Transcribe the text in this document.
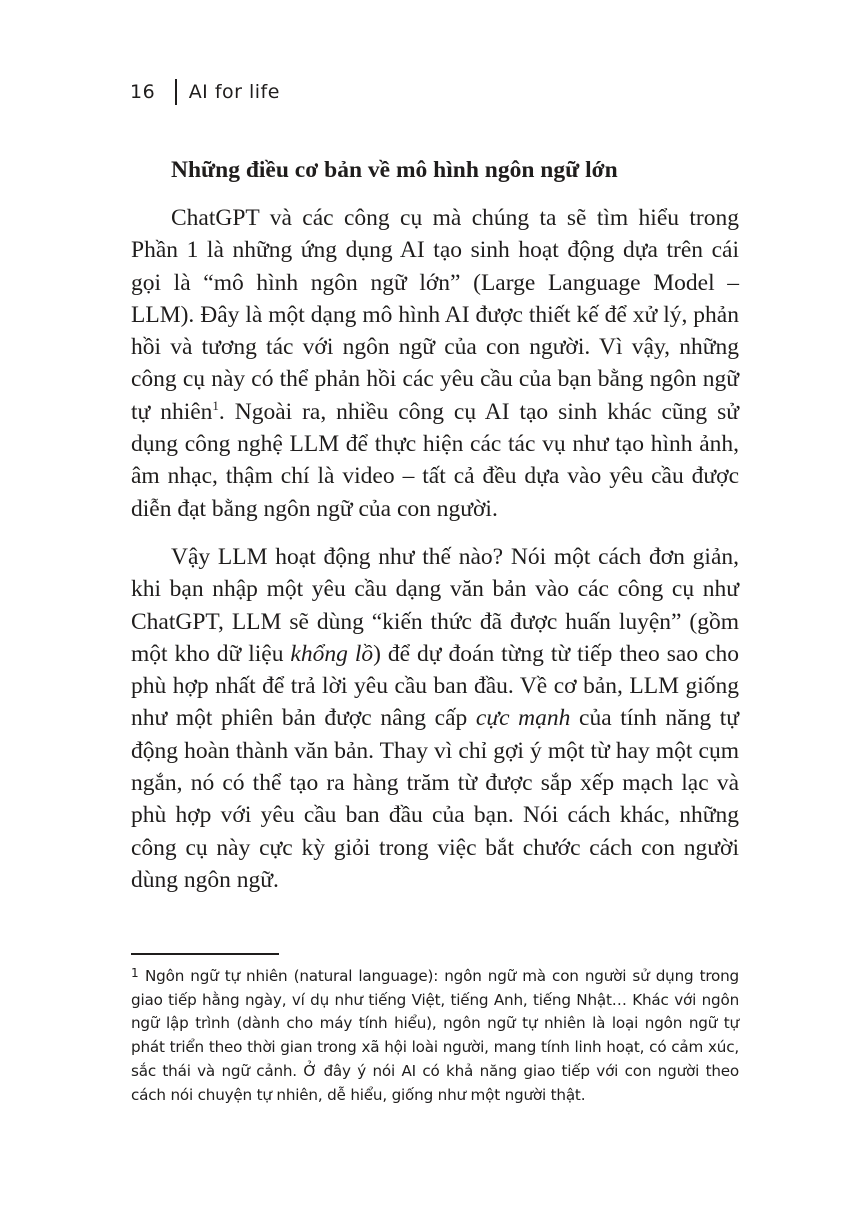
16 AI for life
Những điều cơ bản về mô hình ngôn ngữ lớn

ChatGPT và các công cụ mà chúng ta sẽ tìm hiểu trong Phần 1 là những ứng dụng AI tạo sinh hoạt động dựa trên cái gọi là “mô hình ngôn ngữ lớn” (Large Language Model – LLM). Đây là một dạng mô hình AI được thiết kế để xử lý, phản hồi và tương tác với ngôn ngữ của con người. Vì vậy, những công cụ này có thể phản hồi các yêu cầu của bạn bằng ngôn ngữ tự nhiên$^1$. Ngoài ra, nhiều công cụ AI tạo sinh khác cũng sử dụng công nghệ LLM để thực hiện các tác vụ như tạo hình ảnh, âm nhạc, thậm chí là video – tất cả đều dựa vào yêu cầu được diễn đạt bằng ngôn ngữ của con người.

Vậy LLM hoạt động như thế nào? Nói một cách đơn giản, khi bạn nhập một yêu cầu dạng văn bản vào các công cụ như ChatGPT, LLM sẽ dùng “kiến thức đã được huấn luyện” (gồm một kho dữ liệu khổng lồ) để dự đoán từng từ tiếp theo sao cho phù hợp nhất để trả lời yêu cầu ban đầu. Về cơ bản, LLM giống như một phiên bản được nâng cấp cực mạnh của tính năng tự động hoàn thành văn bản. Thay vì chỉ gợi ý một từ hay một cụm ngắn, nó có thể tạo ra hàng trăm từ được sắp xếp mạch lạc và phù hợp với yêu cầu ban đầu của bạn. Nói cách khác, những công cụ này cực kỳ giỏi trong việc bắt chước cách con người dùng ngôn ngữ.

1 Ngôn ngữ tự nhiên (natural language): ngôn ngữ mà con người sử dụng trong giao tiếp hằng ngày, ví dụ như tiếng Việt, tiếng Anh, tiếng Nhật… Khác với ngôn ngữ lập trình (dành cho máy tính hiểu), ngôn ngữ tự nhiên là loại ngôn ngữ tự phát triển theo thời gian trong xã hội loài người, mang tính linh hoạt, có cảm xúc, sắc thái và ngữ cảnh. Ở đây ý nói AI có khả năng giao tiếp với con người theo cách nói chuyện tự nhiên, dễ hiểu, giống như một người thật.
